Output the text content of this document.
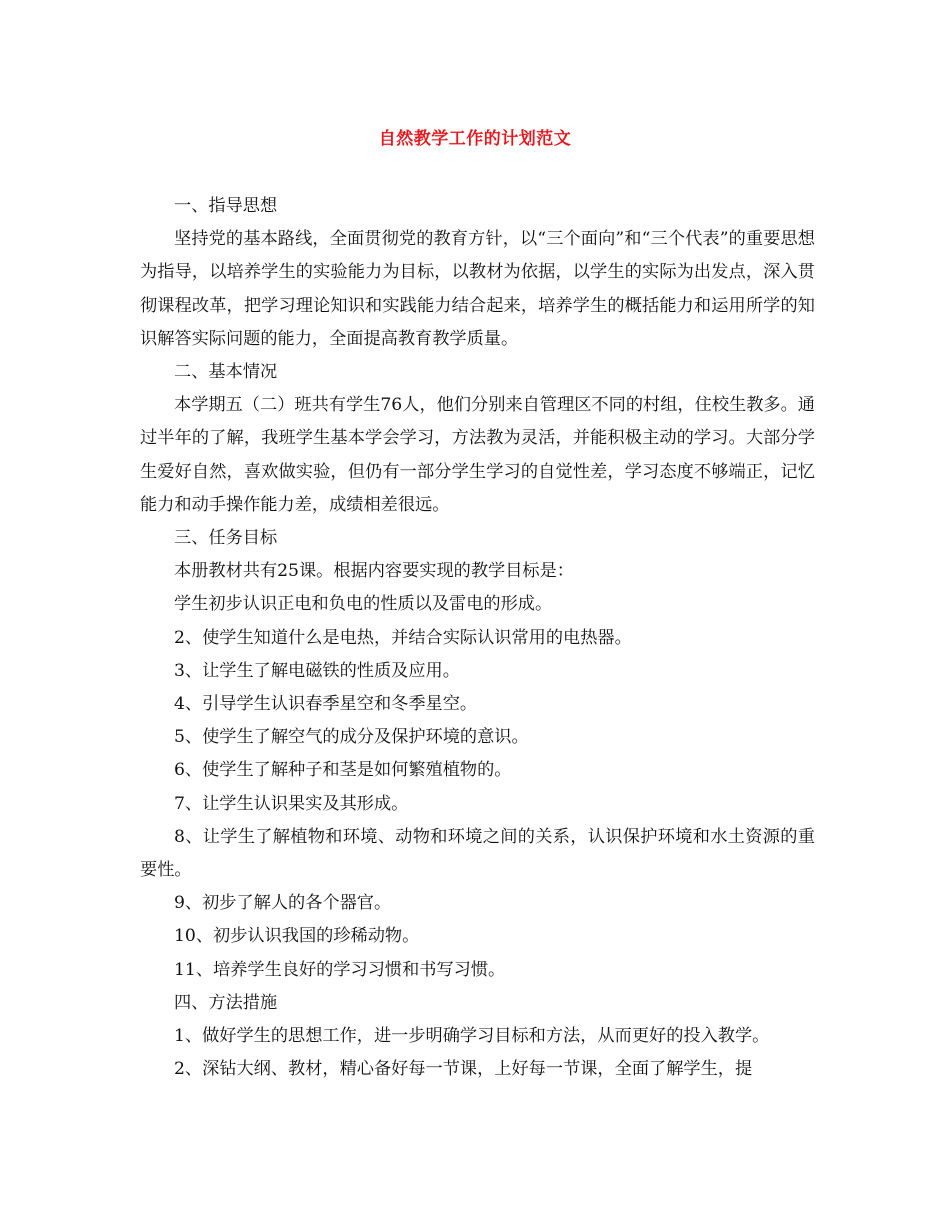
自然教学工作的计划范文

一、指导思想

坚持党的基本路线，全面贯彻党的教育方针，以“三个面向”和“三个代表”的重要思想为指导，以培养学生的实验能力为目标，以教材为依据，以学生的实际为出发点，深入贯彻课程改革，把学习理论知识和实践能力结合起来，培养学生的概括能力和运用所学的知识解答实际问题的能力，全面提高教育教学质量。

二、基本情况

本学期五（二）班共有学生76人，他们分别来自管理区不同的村组，住校生教多。通过半年的了解，我班学生基本学会学习，方法教为灵活，并能积极主动的学习。大部分学生爱好自然，喜欢做实验，但仍有一部分学生学习的自觉性差，学习态度不够端正，记忆能力和动手操作能力差，成绩相差很远。

三、任务目标

本册教材共有25课。根据内容要实现的教学目标是：

学生初步认识正电和负电的性质以及雷电的形成。

2、使学生知道什么是电热，并结合实际认识常用的电热器。

3、让学生了解电磁铁的性质及应用。

4、引导学生认识春季星空和冬季星空。

5、使学生了解空气的成分及保护环境的意识。

6、使学生了解种子和茎是如何繁殖植物的。

7、让学生认识果实及其形成。

8、让学生了解植物和环境、动物和环境之间的关系，认识保护环境和水土资源的重要性。

9、初步了解人的各个器官。

10、初步认识我国的珍稀动物。

11、培养学生良好的学习习惯和书写习惯。

四、方法措施

1、做好学生的思想工作，进一步明确学习目标和方法，从而更好的投入教学。

2、深钻大纲、教材，精心备好每一节课，上好每一节课，全面了解学生，提
